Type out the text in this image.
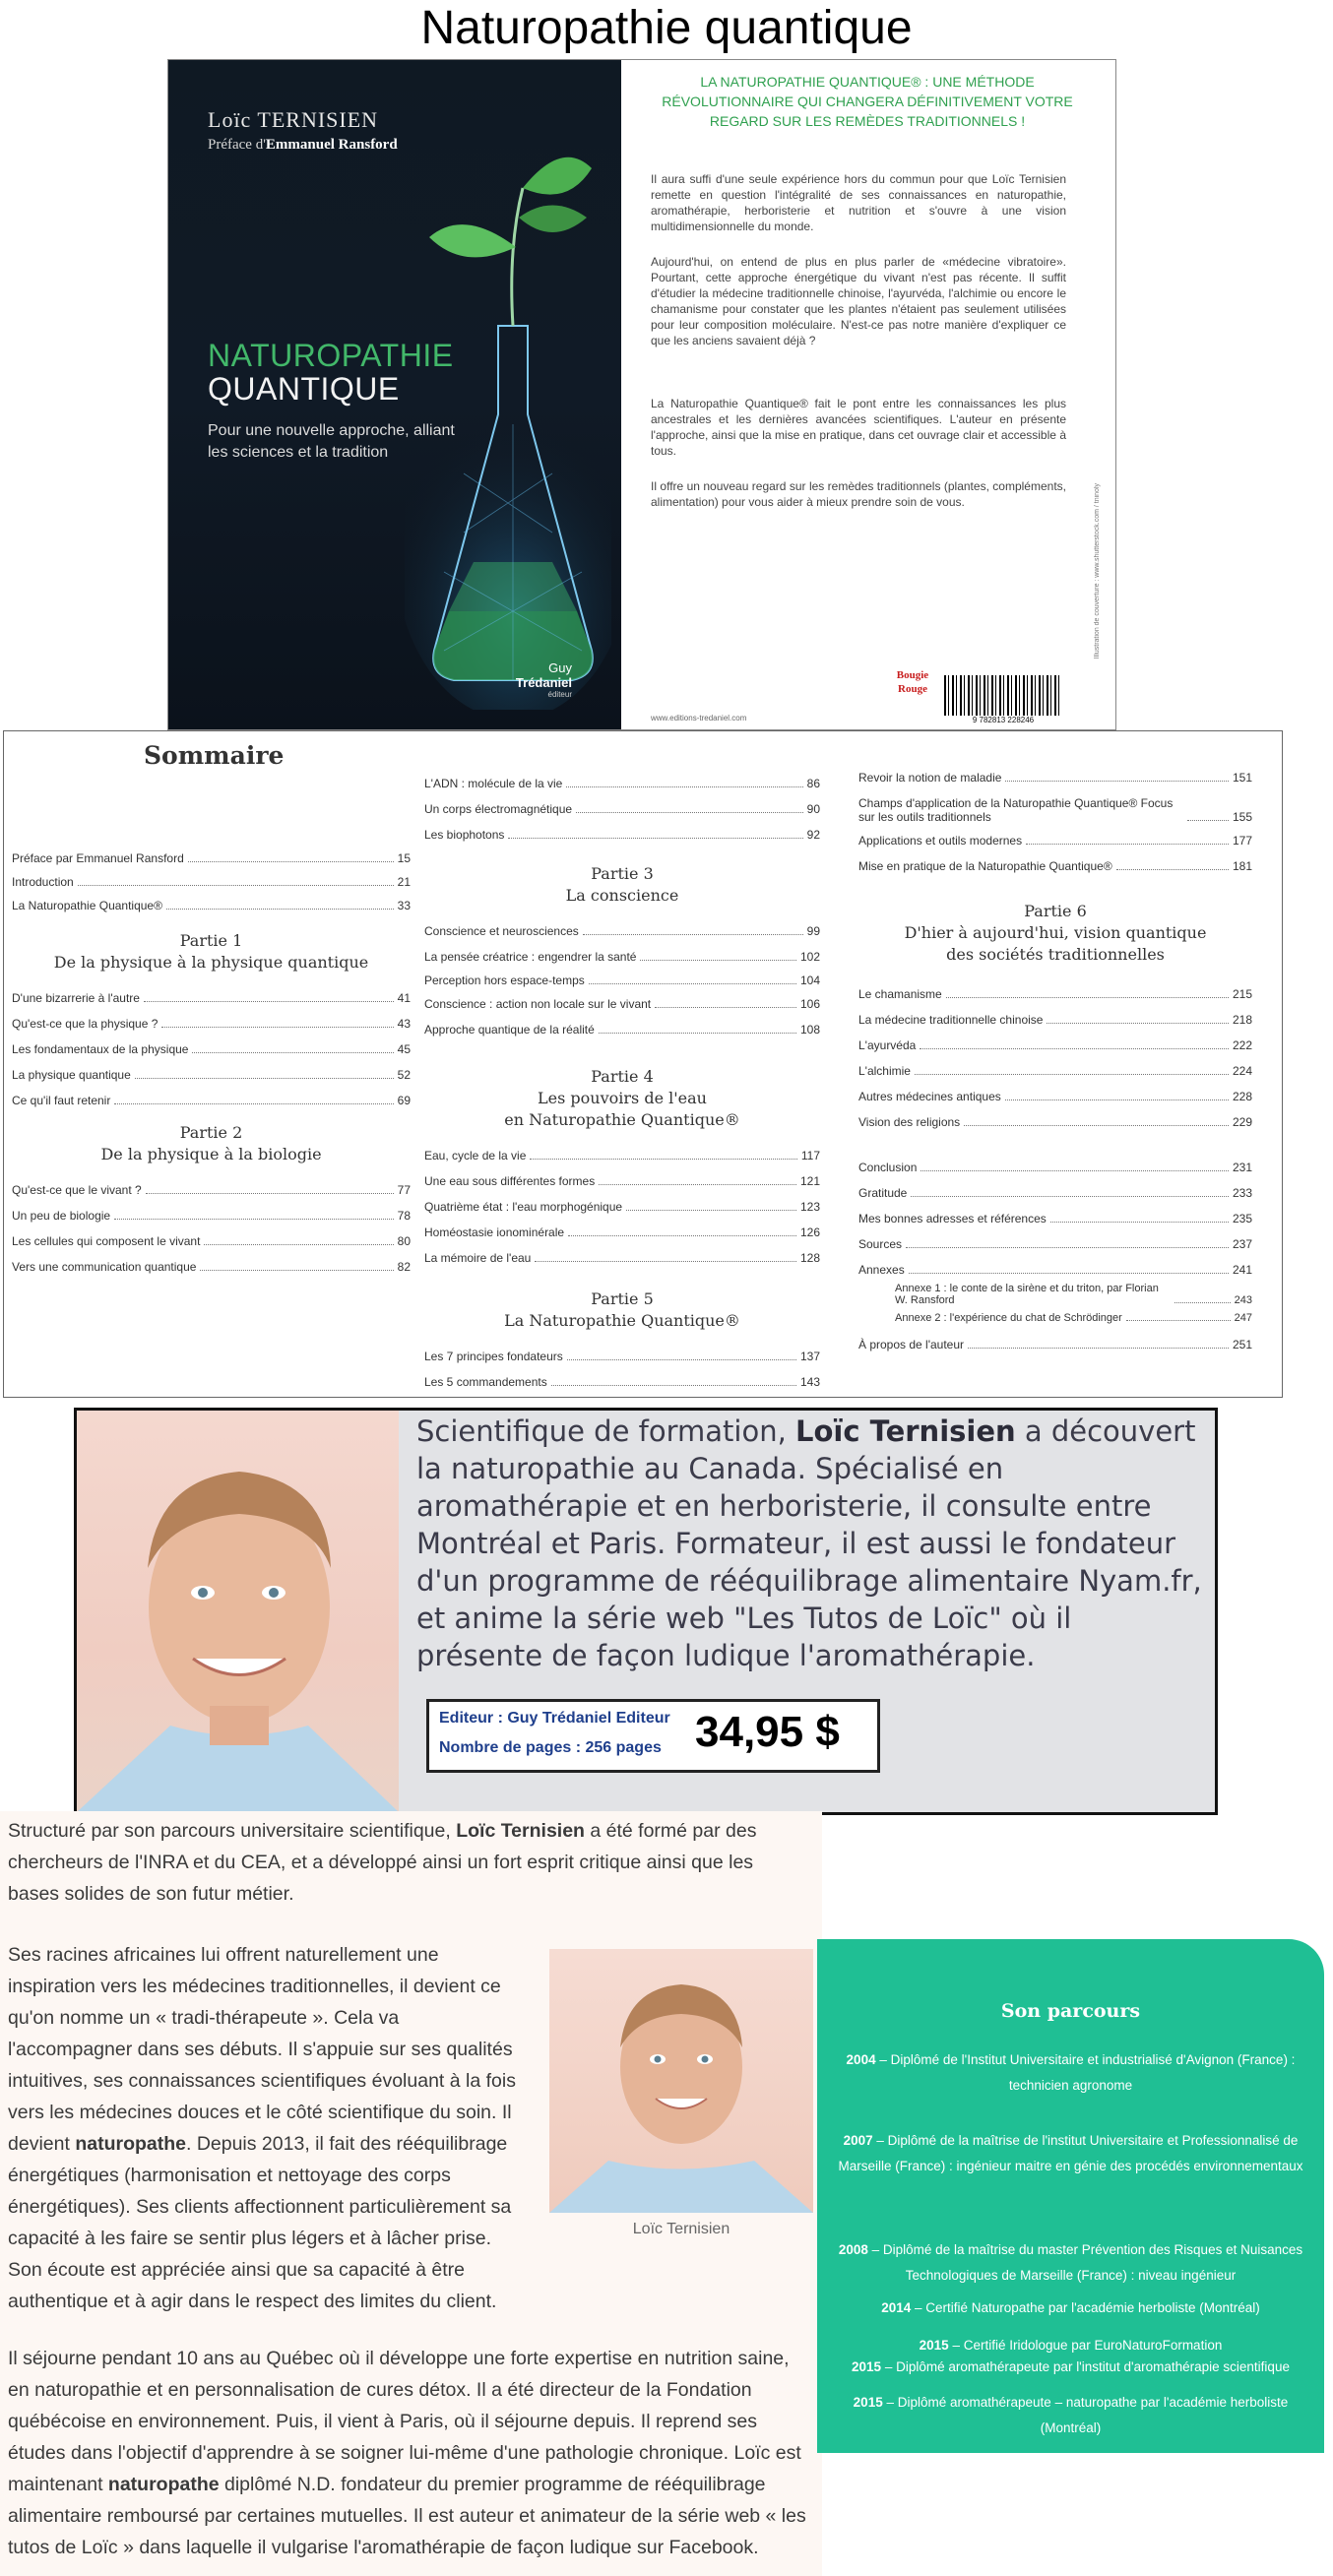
Naturopathie quantique
Loïc TERNISIEN
Préface d'Emmanuel Ransford
NATUROPATHIE
QUANTIQUE
Pour une nouvelle approche, alliant les sciences et la tradition
Guy Trédaniel
éditeur
LA NATUROPATHIE QUANTIQUE® : UNE MÉTHODE RÉVOLUTIONNAIRE QUI CHANGERA DÉFINITIVEMENT VOTRE REGARD SUR LES REMÈDES TRADITIONNELS !
Il aura suffi d'une seule expérience hors du commun pour que Loïc Ternisien remette en question l'intégralité de ses connaissances en naturopathie, aromathérapie, herboristerie et nutrition et s'ouvre à une vision multidimensionnelle du monde.
Aujourd'hui, on entend de plus en plus parler de «médecine vibratoire». Pourtant, cette approche énergétique du vivant n'est pas récente. Il suffit d'étudier la médecine traditionnelle chinoise, l'ayurvéda, l'alchimie ou encore le chamanisme pour constater que les plantes n'étaient pas seulement utilisées pour leur composition moléculaire. N'est-ce pas notre manière d'expliquer ce que les anciens savaient déjà ?
La Naturopathie Quantique® fait le pont entre les connaissances les plus ancestrales et les dernières avancées scientifiques. L'auteur en présente l'approche, ainsi que la mise en pratique, dans cet ouvrage clair et accessible à tous.
Il offre un nouveau regard sur les remèdes traditionnels (plantes, compléments, alimentation) pour vous aider à mieux prendre soin de vous.	Illustration de couverture : www.shutterstock.com / tninoly
Bougie Rouge
9 782813 228246
www.editions-tredaniel.com
Sommaire
Préface par Emmanuel Ransford	15
Introduction	21
La Naturopathie Quantique®	33
Partie 1
De la physique à la physique quantique
D'une bizarrerie à l'autre	41
Qu'est-ce que la physique ?	43
Les fondamentaux de la physique	45
La physique quantique	52
Ce qu'il faut retenir	69
Partie 2
De la physique à la biologie
Qu'est-ce que le vivant ?	77
Un peu de biologie	78
Les cellules qui composent le vivant	80
Vers une communication quantique	82
L'ADN : molécule de la vie	86
Un corps électromagnétique	90
Les biophotons	92
Partie 3
La conscience
Conscience et neurosciences	99
La pensée créatrice : engendrer la santé	102
Perception hors espace-temps	104
Conscience : action non locale sur le vivant	106
Approche quantique de la réalité	108
Partie 4
Les pouvoirs de l'eau
en Naturopathie Quantique®
Eau, cycle de la vie	117
Une eau sous différentes formes	121
Quatrième état : l'eau morphogénique	123
Homéostasie ionominérale	126
La mémoire de l'eau	128
Partie 5
La Naturopathie Quantique®
Les 7 principes fondateurs	137
Les 5 commandements	143
Revoir la notion de maladie	151
Champs d'application de la Naturopathie Quantique® Focus sur les outils traditionnels	155
Applications et outils modernes	177
Mise en pratique de la Naturopathie Quantique®	181
Partie 6
D'hier à aujourd'hui, vision quantique
des sociétés traditionnelles
Le chamanisme	215
La médecine traditionnelle chinoise	218
L'ayurvéda	222
L'alchimie	224
Autres médecines antiques	228
Vision des religions	229
Conclusion	231
Gratitude	233
Mes bonnes adresses et références	235
Sources	237
Annexes	241
Annexe 1 : le conte de la sirène et du triton, par Florian W. Ransford	243
Annexe 2 : l'expérience du chat de Schrödinger	247
À propos de l'auteur	251
Scientifique de formation, Loïc Ternisien a découvert la naturopathie au Canada. Spécialisé en aromathérapie et en herboristerie, il consulte entre Montréal et Paris. Formateur, il est aussi le fondateur d'un programme de rééquilibrage alimentaire Nyam.fr, et anime la série web "Les Tutos de Loïc" où il présente de façon ludique l'aromathérapie.
Editeur : Guy Trédaniel Editeur
Nombre de pages : 256 pages 34,95 $
Structuré par son parcours universitaire scientifique, Loïc Ternisien a été formé par des chercheurs de l'INRA et du CEA, et a développé ainsi un fort esprit critique ainsi que les bases solides de son futur métier.
Ses racines africaines lui offrent naturellement une
inspiration vers les médecines traditionnelles, il devient ce
qu'on nomme un « tradi-thérapeute ». Cela va
l'accompagner dans ses débuts. Il s'appuie sur ses qualités
intuitives, ses connaissances scientifiques évoluant à la fois
vers les médecines douces et le côté scientifique du soin. Il
devient naturopathe. Depuis 2013, il fait des rééquilibrage
énergétiques (harmonisation et nettoyage des corps
énergétiques). Ses clients affectionnent particulièrement sa
capacité à les faire se sentir plus légers et à lâcher prise.
Son écoute est appréciée ainsi que sa capacité à être
authentique et à agir dans le respect des limites du client.
Loïc Ternisien
Il séjourne pendant 10 ans au Québec où il développe une forte expertise en nutrition saine, en naturopathie et en personnalisation de cures détox. Il a été directeur de la Fondation québécoise en environnement. Puis, il vient à Paris, où il séjourne depuis. Il reprend ses études dans l'objectif d'apprendre à se soigner lui-même d'une pathologie chronique. Loïc est maintenant naturopathe diplômé N.D. fondateur du premier programme de rééquilibrage alimentaire remboursé par certaines mutuelles. Il est auteur et animateur de la série web « les tutos de Loïc » dans laquelle il vulgarise l'aromathérapie de façon ludique sur Facebook.
Son parcours
2004 – Diplômé de l'Institut Universitaire et industrialisé d'Avignon (France) : technicien agronome
2007 – Diplômé de la maîtrise de l'institut Universitaire et Professionnalisé de Marseille (France) : ingénieur maitre en génie des procédés environnementaux
2008 – Diplômé de la maîtrise du master Prévention des Risques et Nuisances Technologiques de Marseille (France) : niveau ingénieur
2014 – Certifié Naturopathe par l'académie herboliste (Montréal)
2015 – Certifié Iridologue par EuroNaturoFormation
2015 – Diplômé aromathérapeute par l'institut d'aromathérapie scientifique
2015 – Diplômé aromathérapeute – naturopathe par l'académie herboliste (Montréal)
